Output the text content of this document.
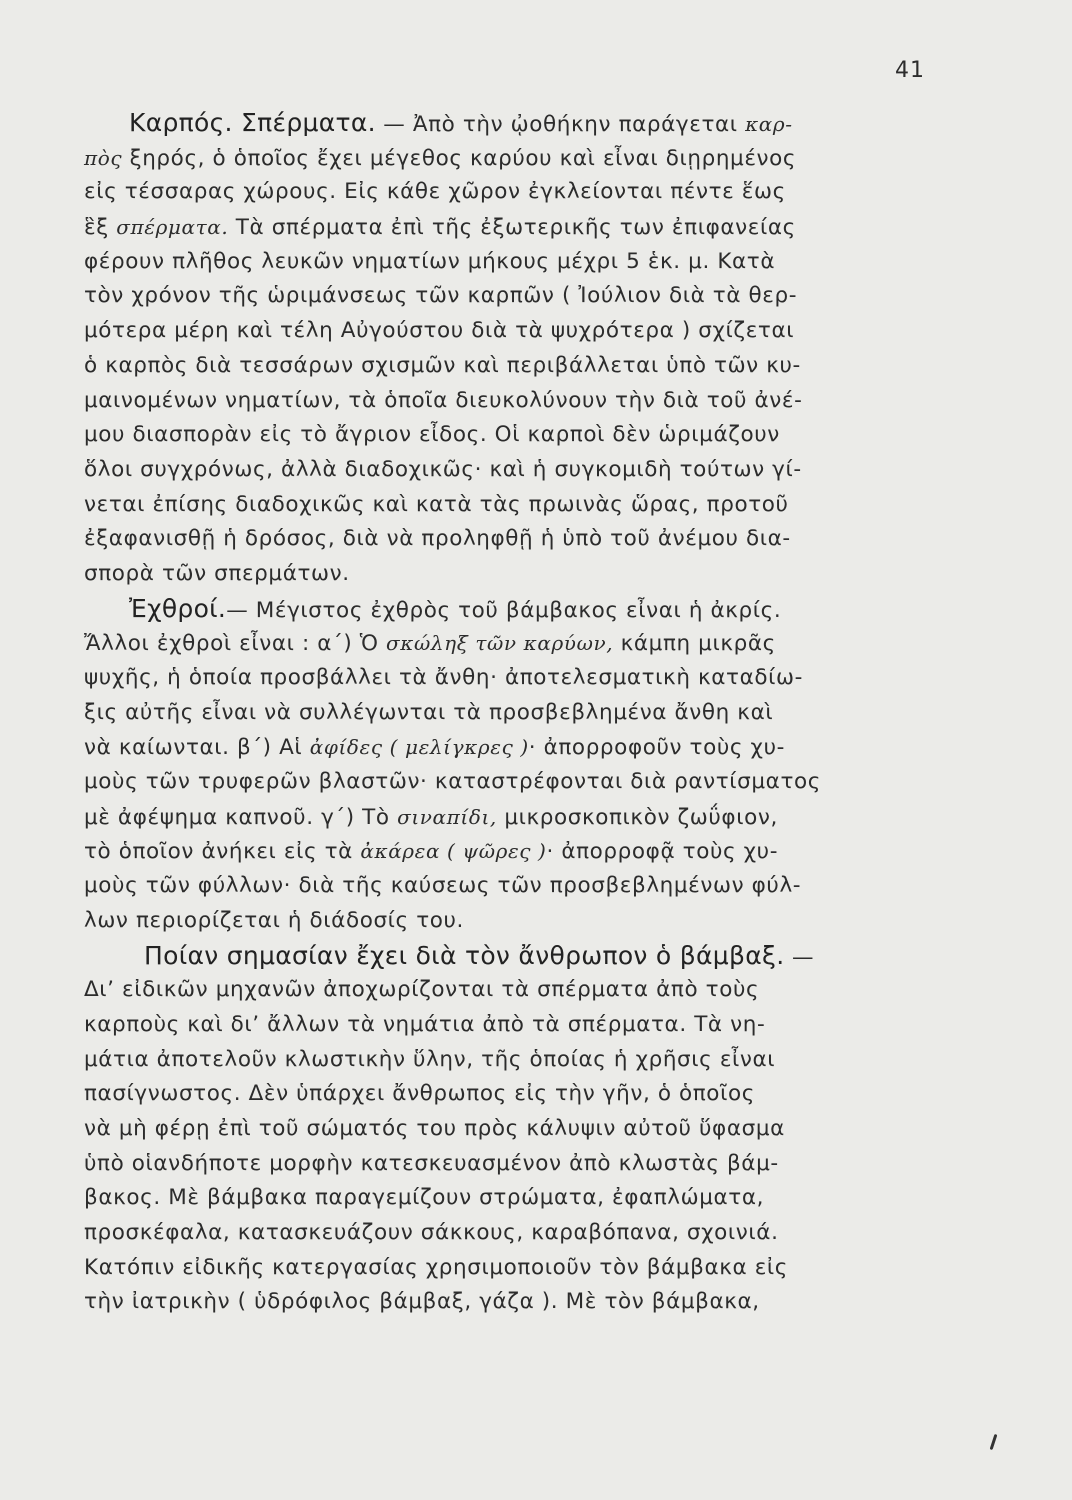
41
Καρπός. Σπέρματα. — Ἀπὸ τὴν ᾠοθήκην παράγεται καρ-
πὸς ξηρός, ὁ ὁποῖος ἔχει μέγεθος καρύου καὶ εἶναι διῃρημένος
εἰς τέσσαρας χώρους. Εἰς κάθε χῶρον ἐγκλείονται πέντε ἕως
ἓξ σπέρματα. Τὰ σπέρματα ἐπὶ τῆς ἐξωτερικῆς των ἐπιφανείας
φέρουν πλῆθος λευκῶν νηματίων μήκους μέχρι 5 ἑκ. μ. Κατὰ
τὸν χρόνον τῆς ὡριμάνσεως τῶν καρπῶν ( Ἰούλιον διὰ τὰ θερ-
μότερα μέρη καὶ τέλη Αὐγούστου διὰ τὰ ψυχρότερα ) σχίζεται
ὁ καρπὸς διὰ τεσσάρων σχισμῶν καὶ περιβάλλεται ὑπὸ τῶν κυ-
μαινομένων νηματίων, τὰ ὁποῖα διευκολύνουν τὴν διὰ τοῦ ἀνέ-
μου διασπορὰν εἰς τὸ ἄγριον εἶδος. Οἱ καρποὶ δὲν ὡριμάζουν
ὅλοι συγχρόνως, ἀλλὰ διαδοχικῶς· καὶ ἡ συγκομιδὴ τούτων γί-
νεται ἐπίσης διαδοχικῶς καὶ κατὰ τὰς πρωινὰς ὥρας, προτοῦ
ἐξαφανισθῇ ἡ δρόσος, διὰ νὰ προληφθῇ ἡ ὑπὸ τοῦ ἀνέμου δια-
σπορὰ τῶν σπερμάτων.
Ἐχθροί.— Μέγιστος ἐχθρὸς τοῦ βάμβακος εἶναι ἡ ἀκρίς.
Ἄλλοι ἐχθροὶ εἶναι : α΄) Ὁ σκώληξ τῶν καρύων, κάμπη μικρᾶς
ψυχῆς, ἡ ὁποία προσβάλλει τὰ ἄνθη· ἀποτελεσματικὴ καταδίω-
ξις αὐτῆς εἶναι νὰ συλλέγωνται τὰ προσβεβλημένα ἄνθη καὶ
νὰ καίωνται. β΄) Αἱ ἀφίδες ( μελίγκρες )· ἀπορροφοῦν τοὺς χυ-
μοὺς τῶν τρυφερῶν βλαστῶν· καταστρέφονται διὰ ραντίσματος
μὲ ἀφέψημα καπνοῦ. γ΄) Τὸ σιναπίδι, μικροσκοπικὸν ζωΰφιον,
τὸ ὁποῖον ἀνήκει εἰς τὰ ἀκάρεα ( ψῶρες )· ἀπορροφᾷ τοὺς χυ-
μοὺς τῶν φύλλων· διὰ τῆς καύσεως τῶν προσβεβλημένων φύλ-
λων περιορίζεται ἡ διάδοσίς του.
Ποίαν σημασίαν ἔχει διὰ τὸν ἄνθρωπον ὁ βάμβαξ. —
Δι’ εἰδικῶν μηχανῶν ἀποχωρίζονται τὰ σπέρματα ἀπὸ τοὺς
καρποὺς καὶ δι’ ἄλλων τὰ νημάτια ἀπὸ τὰ σπέρματα. Τὰ νη-
μάτια ἀποτελοῦν κλωστικὴν ὕλην, τῆς ὁποίας ἡ χρῆσις εἶναι
πασίγνωστος. Δὲν ὑπάρχει ἄνθρωπος εἰς τὴν γῆν, ὁ ὁποῖος
νὰ μὴ φέρῃ ἐπὶ τοῦ σώματός του πρὸς κάλυψιν αὐτοῦ ὕφασμα
ὑπὸ οἱανδήποτε μορφὴν κατεσκευασμένον ἀπὸ κλωστὰς βάμ-
βακος. Μὲ βάμβακα παραγεμίζουν στρώματα, ἐφαπλώματα,
προσκέφαλα, κατασκευάζουν σάκκους, καραβόπανα, σχοινιά.
Κατόπιν εἰδικῆς κατεργασίας χρησιμοποιοῦν τὸν βάμβακα εἰς
τὴν ἰατρικὴν ( ὑδρόφιλος βάμβαξ, γάζα ). Μὲ τὸν βάμβακα,
